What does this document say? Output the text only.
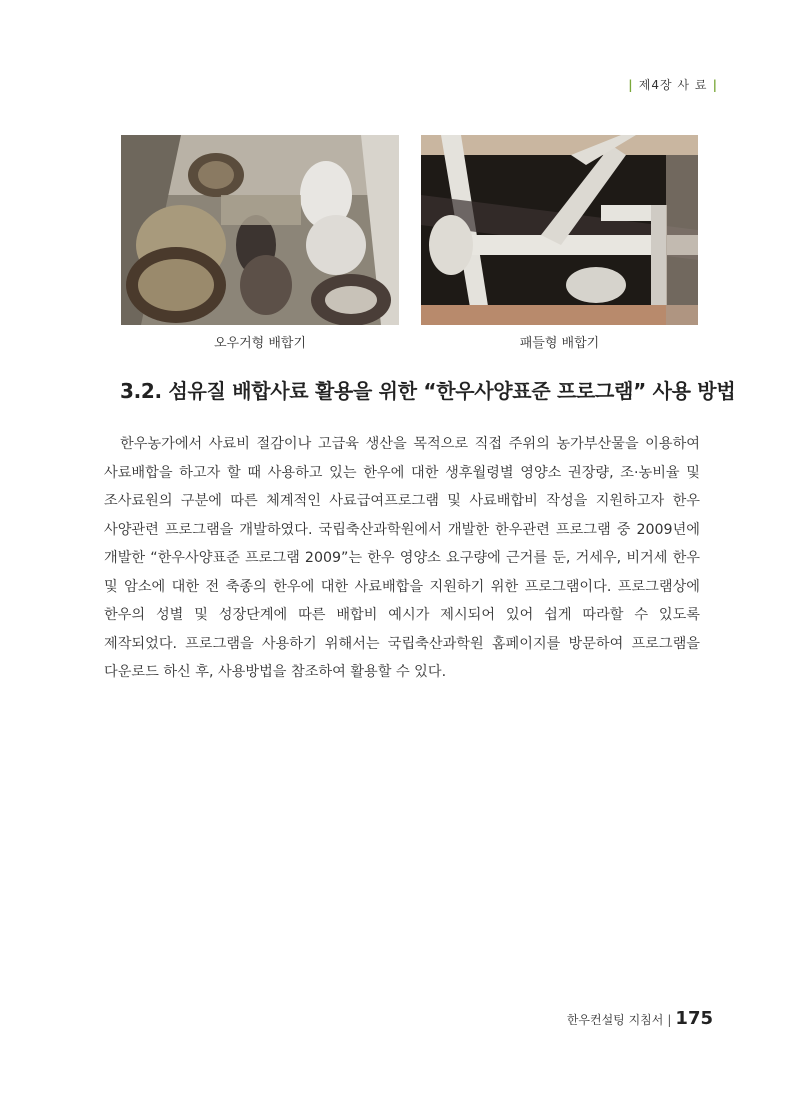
| 제4장 사 료 |
오우거형 배합기	패들형 배합기
3.2. 섬유질 배합사료 활용을 위한 “한우사양표준 프로그램” 사용 방법
한우농가에서 사료비 절감이나 고급육 생산을 목적으로 직접 주위의 농가부산물을 이용하여 사료배합을 하고자 할 때 사용하고 있는 한우에 대한 생후월령별 영양소 권장량, 조·농비율 및 조사료원의 구분에 따른 체계적인 사료급여프로그램 및 사료배합비 작성을 지원하고자 한우 사양관련 프로그램을 개발하였다. 국립축산과학원에서 개발한 한우관련 프로그램 중 2009년에 개발한 “한우사양표준 프로그램 2009”는 한우 영양소 요구량에 근거를 둔, 거세우, 비거세 한우 및 암소에 대한 전 축종의 한우에 대한 사료배합을 지원하기 위한 프로그램이다. 프로그램상에 한우의 성별 및 성장단계에 따른 배합비 예시가 제시되어 있어 쉽게 따라할 수 있도록 제작되었다. 프로그램을 사용하기 위해서는 국립축산과학원 홈페이지를 방문하여 프로그램을 다운로드 하신 후, 사용방법을 참조하여 활용할 수 있다.
한우컨설팅 지침서 | 175
